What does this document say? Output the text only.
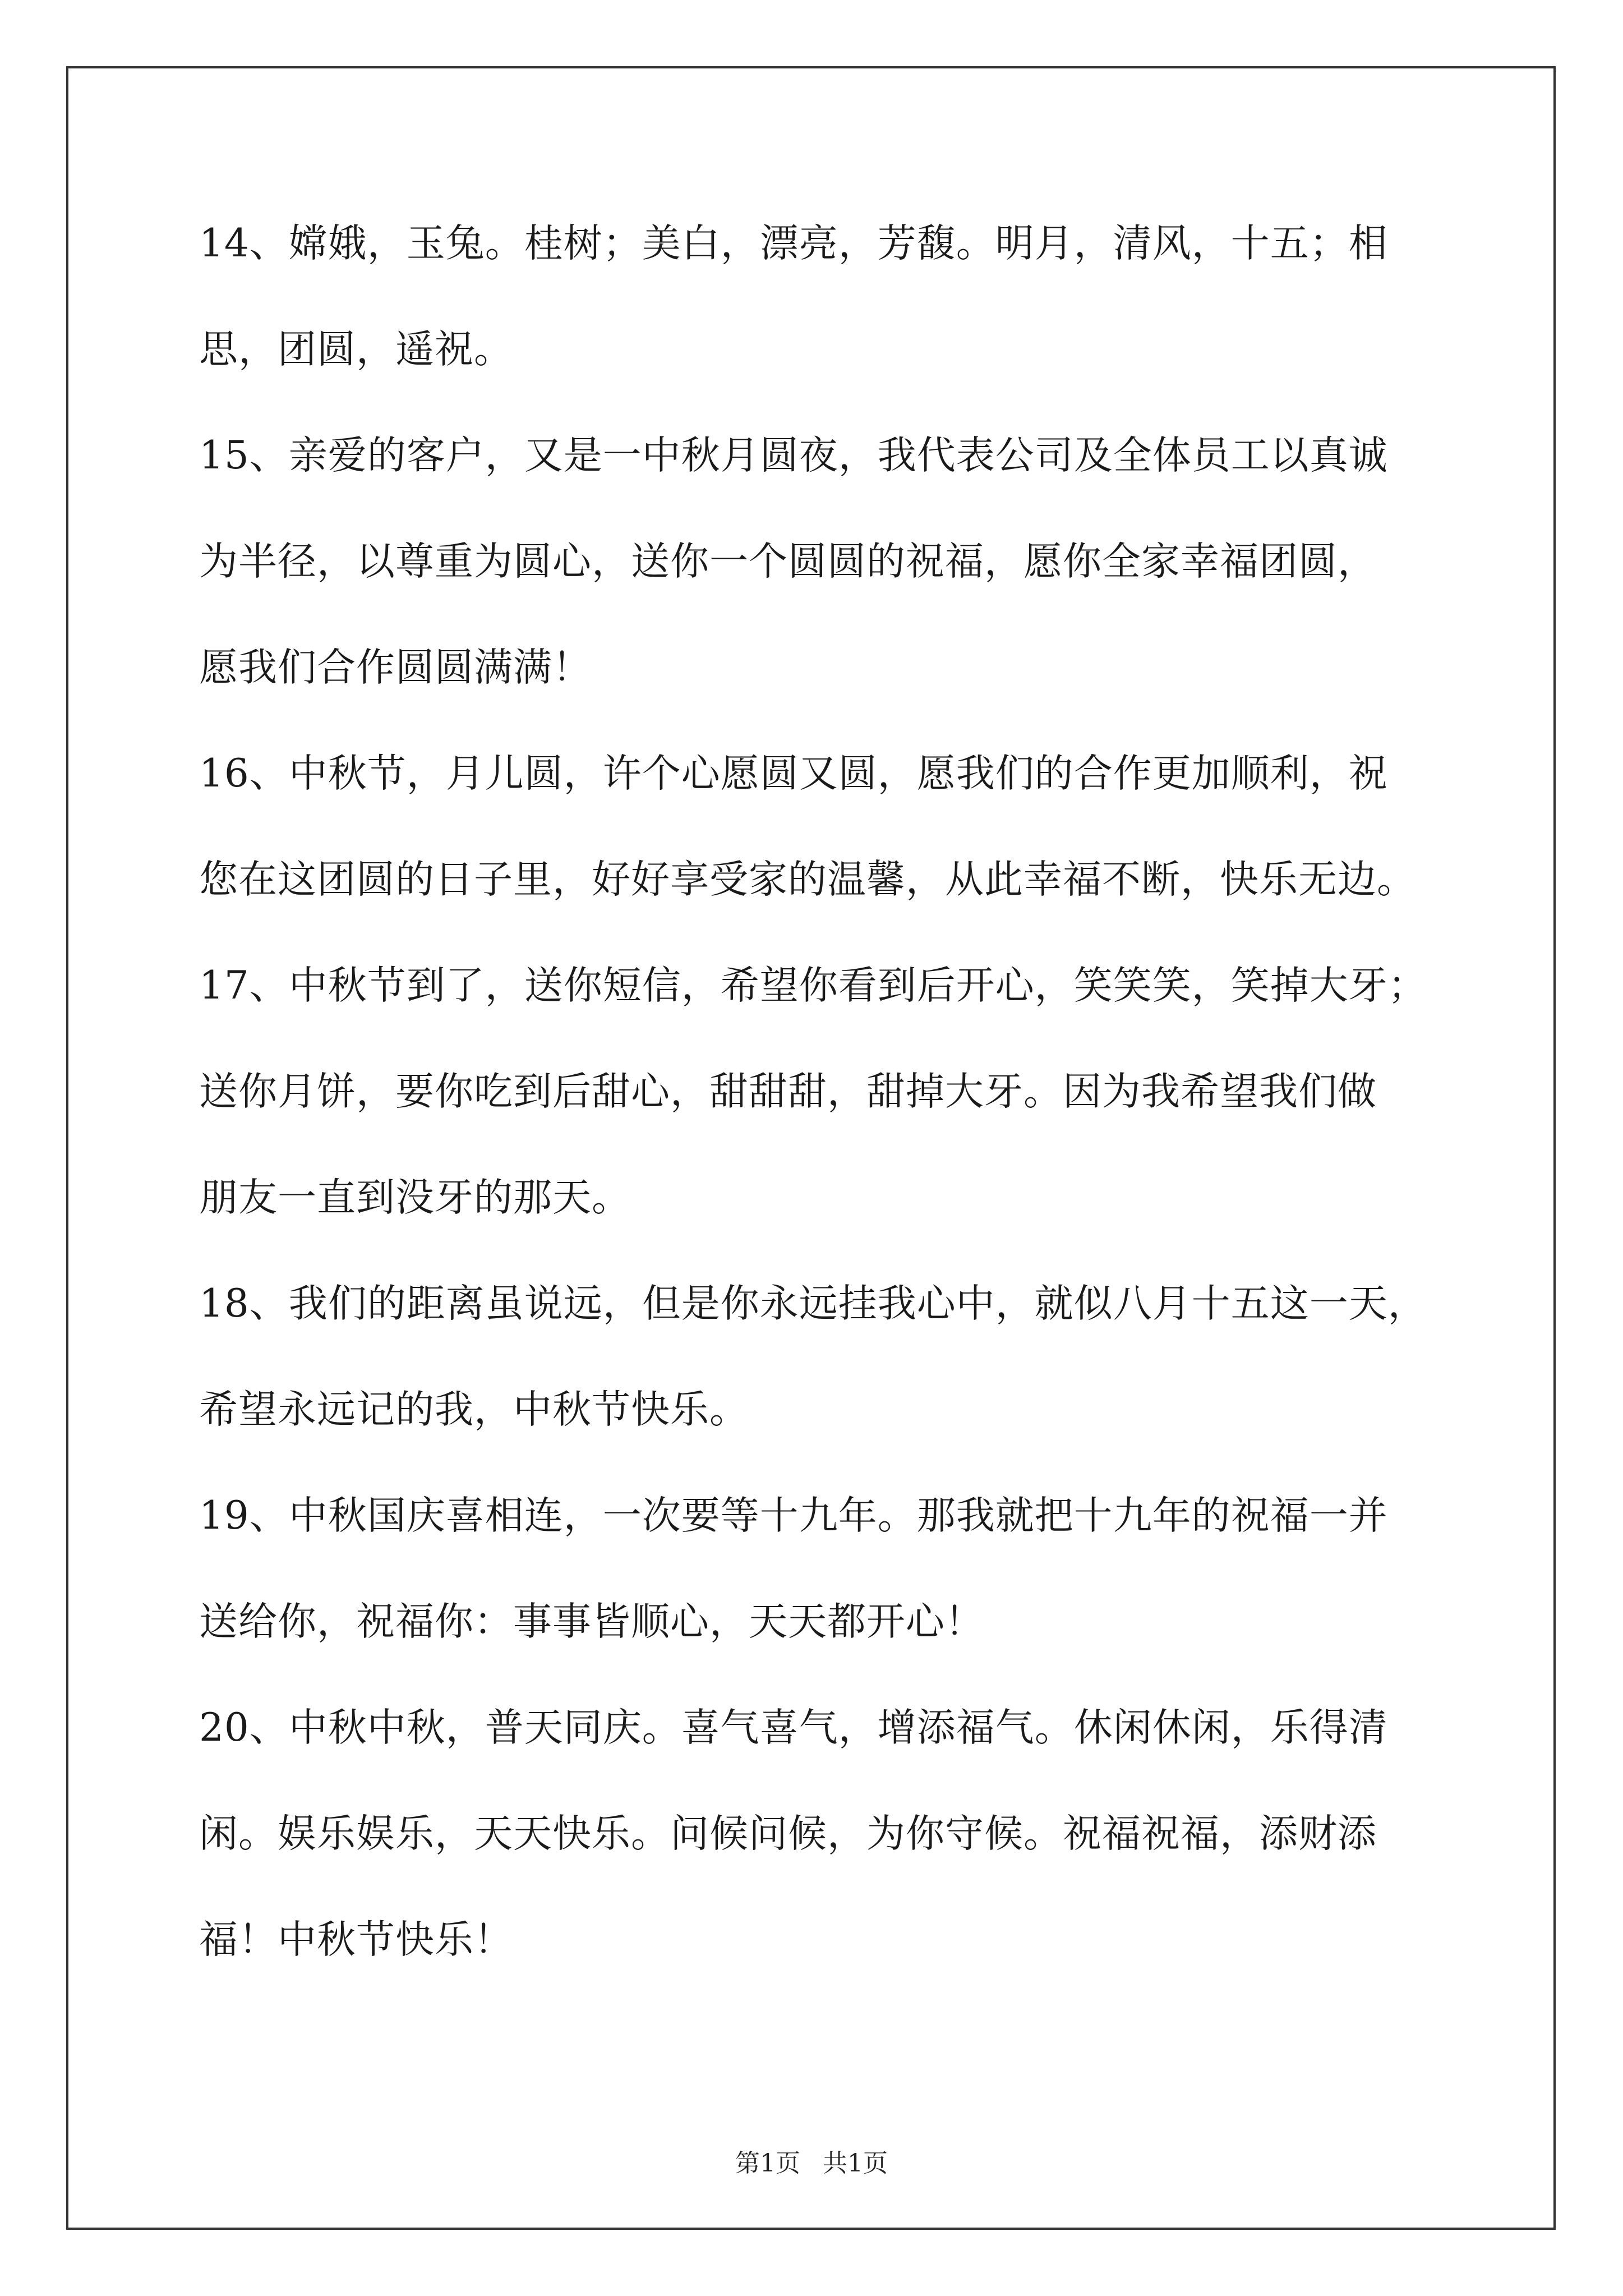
14、嫦娥，玉兔。桂树；美白，漂亮，芳馥。明月，清风，十五；相
思，团圆，遥祝。
15、亲爱的客户，又是一中秋月圆夜，我代表公司及全体员工以真诚
为半径，以尊重为圆心，送你一个圆圆的祝福，愿你全家幸福团圆，
愿我们合作圆圆满满！
16、中秋节，月儿圆，许个心愿圆又圆，愿我们的合作更加顺利，祝
您在这团圆的日子里，好好享受家的温馨，从此幸福不断，快乐无边。
17、中秋节到了，送你短信，希望你看到后开心，笑笑笑，笑掉大牙；
送你月饼，要你吃到后甜心，甜甜甜，甜掉大牙。因为我希望我们做
朋友一直到没牙的那天。
18、我们的距离虽说远，但是你永远挂我心中，就似八月十五这一天，
希望永远记的我，中秋节快乐。
19、中秋国庆喜相连，一次要等十九年。那我就把十九年的祝福一并
送给你，祝福你：事事皆顺心，天天都开心！
20、中秋中秋，普天同庆。喜气喜气，增添福气。休闲休闲，乐得清
闲。娱乐娱乐，天天快乐。问候问候，为你守候。祝福祝福，添财添
福！中秋节快乐！
第1页 共1页
